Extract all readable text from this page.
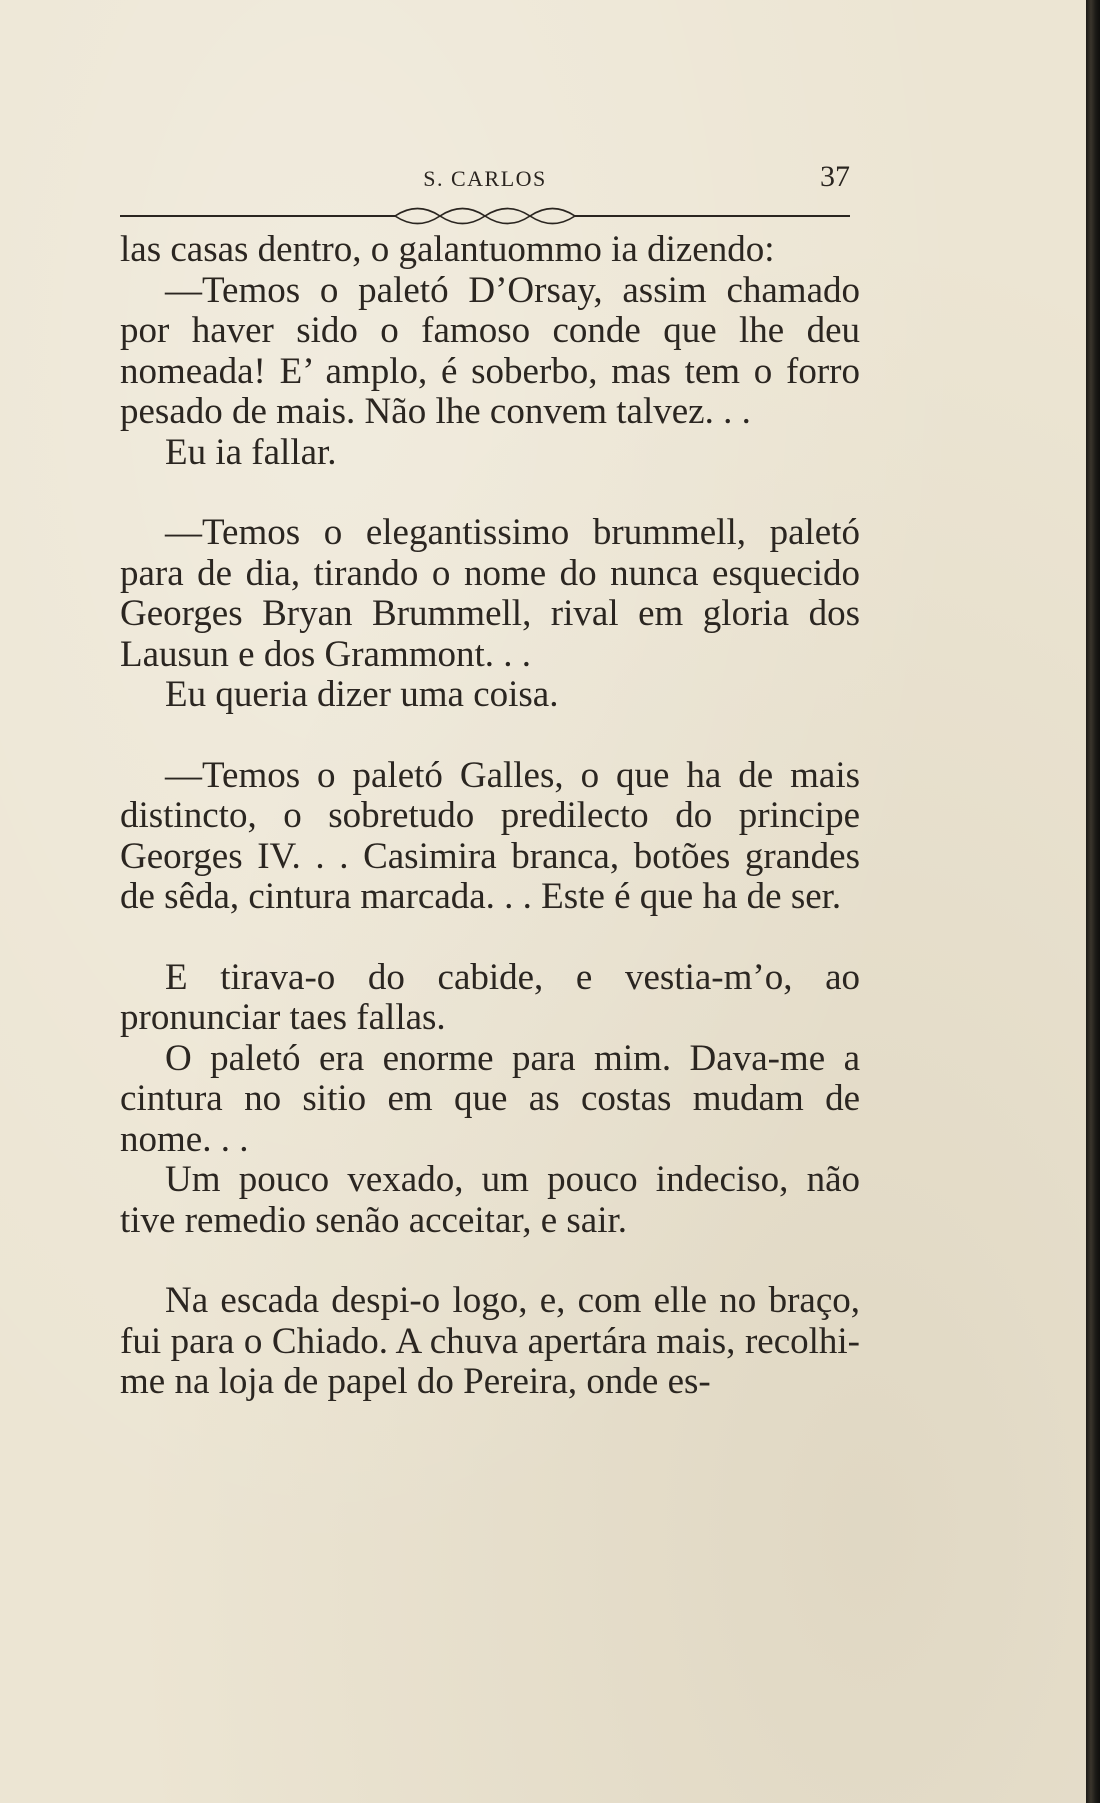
S. CARLOS	37

las casas dentro, o galantuommo ia dizendo:

—Temos o paletó D’Orsay, assim chamado por haver sido o famoso conde que lhe deu nomeada! E’ amplo, é soberbo, mas tem o forro pesado de mais. Não lhe convem talvez. . .

Eu ia fallar.

—Temos o elegantissimo brummell, paletó para de dia, tirando o nome do nunca esquecido Georges Bryan Brummell, rival em gloria dos Lausun e dos Grammont. . .

Eu queria dizer uma coisa.

—Temos o paletó Galles, o que ha de mais distincto, o sobretudo predilecto do principe Georges IV. . . Casimira branca, botões grandes de sêda, cintura marcada. . . Este é que ha de ser.

E tirava-o do cabide, e vestia-m’o, ao pronunciar taes fallas.

O paletó era enorme para mim. Dava-me a cintura no sitio em que as costas mudam de nome. . .

Um pouco vexado, um pouco indeciso, não tive remedio senão acceitar, e sair.

Na escada despi-o logo, e, com elle no braço, fui para o Chiado. A chuva apertára mais, recolhi-me na loja de papel do Pereira, onde es-
